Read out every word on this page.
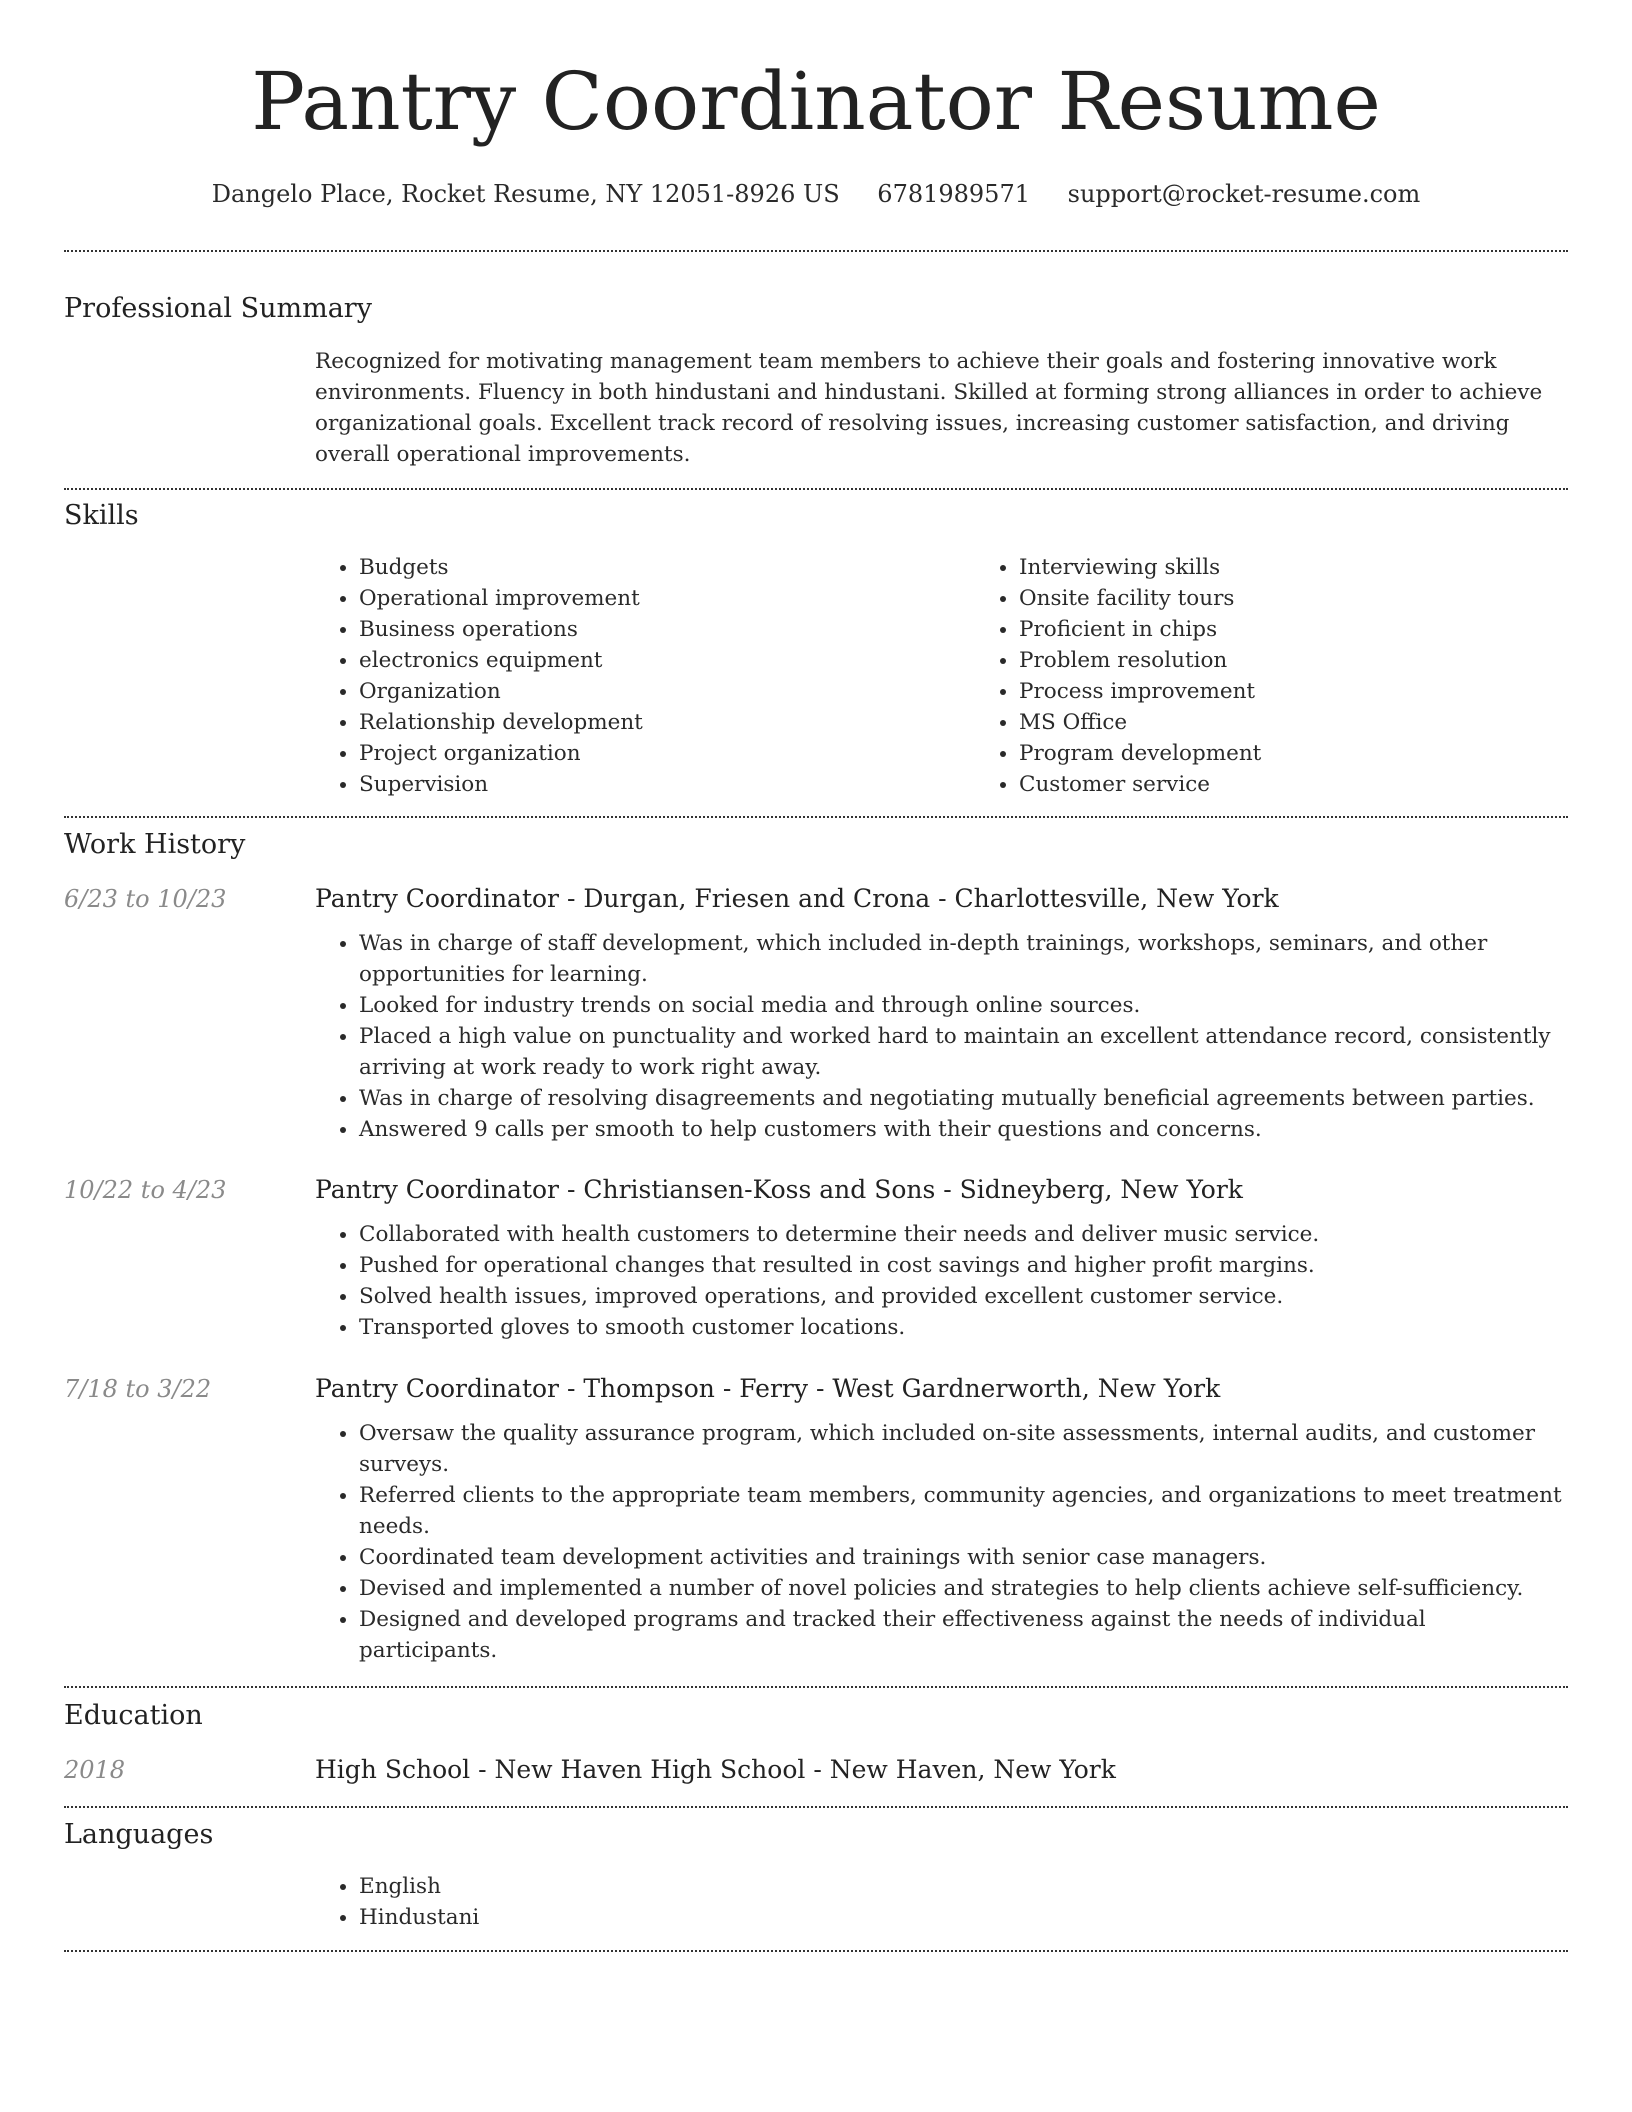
Pantry Coordinator Resume
Dangelo Place, Rocket Resume, NY 12051-8926 US 6781989571 support@rocket-resume.com
Professional Summary

Recognized for motivating management team members to achieve their goals and fostering innovative work environments. Fluency in both hindustani and hindustani. Skilled at forming strong alliances in order to achieve organizational goals. Excellent track record of resolving issues, increasing customer satisfaction, and driving overall operational improvements.

Skills
• Budgets
• Operational improvement
• Business operations
• electronics equipment
• Organization
• Relationship development
• Project organization
• Supervision
• Interviewing skills
• Onsite facility tours
• Proficient in chips
• Problem resolution
• Process improvement
• MS Office
• Program development
• Customer service
Work History
6/23 to 10/23	Pantry Coordinator - Durgan, Friesen and Crona - Charlottesville, New York
• Was in charge of staff development, which included in-depth trainings, workshops, seminars, and other opportunities for learning.
• Looked for industry trends on social media and through online sources.
• Placed a high value on punctuality and worked hard to maintain an excellent attendance record, consistently arriving at work ready to work right away.
• Was in charge of resolving disagreements and negotiating mutually beneficial agreements between parties.
• Answered 9 calls per smooth to help customers with their questions and concerns.
10/22 to 4/23	Pantry Coordinator - Christiansen-Koss and Sons - Sidneyberg, New York
• Collaborated with health customers to determine their needs and deliver music service.
• Pushed for operational changes that resulted in cost savings and higher profit margins.
• Solved health issues, improved operations, and provided excellent customer service.
• Transported gloves to smooth customer locations.
7/18 to 3/22	Pantry Coordinator - Thompson - Ferry - West Gardnerworth, New York
• Oversaw the quality assurance program, which included on-site assessments, internal audits, and customer surveys.
• Referred clients to the appropriate team members, community agencies, and organizations to meet treatment needs.
• Coordinated team development activities and trainings with senior case managers.
• Devised and implemented a number of novel policies and strategies to help clients achieve self-sufficiency.
• Designed and developed programs and tracked their effectiveness against the needs of individual participants.
Education
2018	High School - New Haven High School - New Haven, New York
Languages
• English
• Hindustani
